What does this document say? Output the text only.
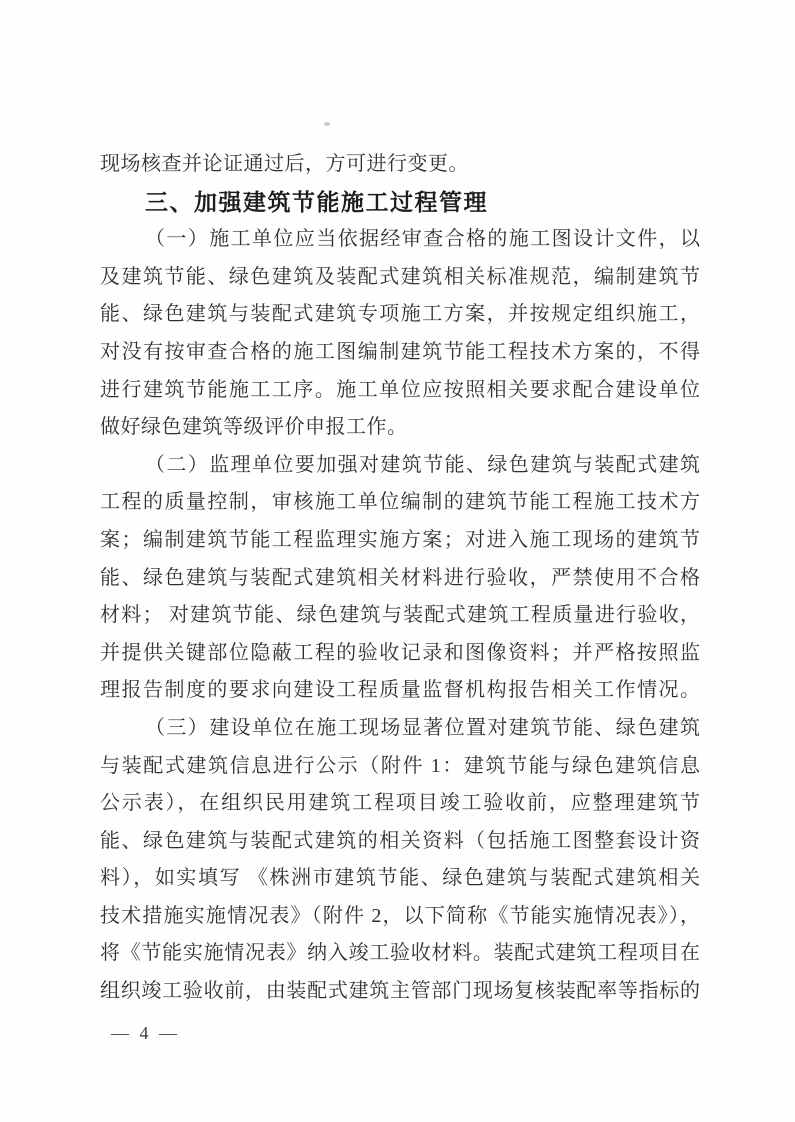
现场核查并论证通过后，方可进行变更。
三、加强建筑节能施工过程管理
（一）施工单位应当依据经审查合格的施工图设计文件，以
及建筑节能、绿色建筑及装配式建筑相关标准规范，编制建筑节
能、绿色建筑与装配式建筑专项施工方案，并按规定组织施工，
对没有按审查合格的施工图编制建筑节能工程技术方案的，不得
进行建筑节能施工工序。施工单位应按照相关要求配合建设单位
做好绿色建筑等级评价申报工作。
（二）监理单位要加强对建筑节能、绿色建筑与装配式建筑
工程的质量控制，审核施工单位编制的建筑节能工程施工技术方
案；编制建筑节能工程监理实施方案；对进入施工现场的建筑节
能、绿色建筑与装配式建筑相关材料进行验收，严禁使用不合格
材料； 对建筑节能、绿色建筑与装配式建筑工程质量进行验收，
并提供关键部位隐蔽工程的验收记录和图像资料；并严格按照监
理报告制度的要求向建设工程质量监督机构报告相关工作情况。
（三）建设单位在施工现场显著位置对建筑节能、绿色建筑
与装配式建筑信息进行公示（附件 1：建筑节能与绿色建筑信息
公示表），在组织民用建筑工程项目竣工验收前，应整理建筑节
能、绿色建筑与装配式建筑的相关资料（包括施工图整套设计资
料），如实填写 《株洲市建筑节能、绿色建筑与装配式建筑相关
技术措施实施情况表》（附件 2，以下简称《节能实施情况表》），
将《节能实施情况表》纳入竣工验收材料。装配式建筑工程项目在
组织竣工验收前，由装配式建筑主管部门现场复核装配率等指标的
— 4 —
